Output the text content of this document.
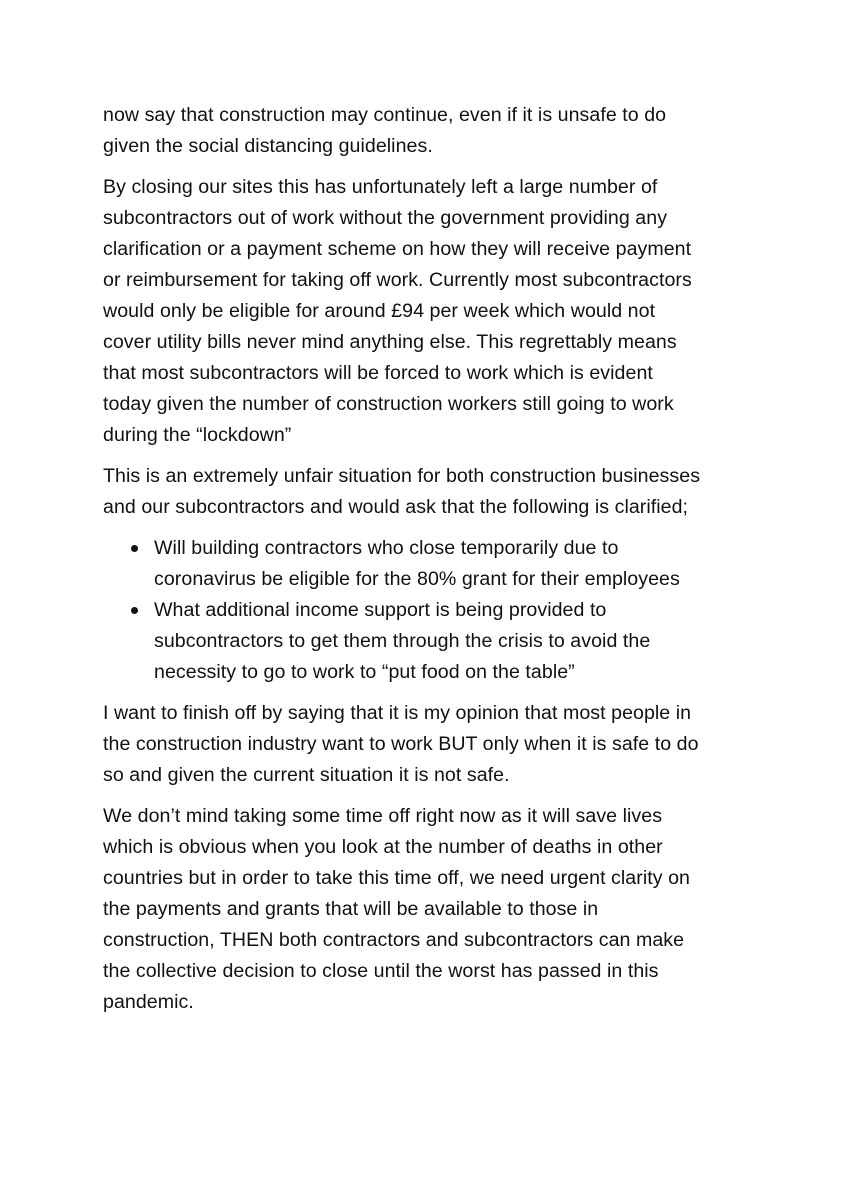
now say that construction may continue, even if it is unsafe to do
given the social distancing guidelines.

By closing our sites this has unfortunately left a large number of
subcontractors out of work without the government providing any
clarification or a payment scheme on how they will receive payment
or reimbursement for taking off work. Currently most subcontractors
would only be eligible for around £94 per week which would not
cover utility bills never mind anything else. This regrettably means
that most subcontractors will be forced to work which is evident
today given the number of construction workers still going to work
during the “lockdown”

This is an extremely unfair situation for both construction businesses
and our subcontractors and would ask that the following is clarified;

Will building contractors who close temporarily due to
coronavirus be eligible for the 80% grant for their employees
What additional income support is being provided to
subcontractors to get them through the crisis to avoid the
necessity to go to work to “put food on the table”

I want to finish off by saying that it is my opinion that most people in
the construction industry want to work BUT only when it is safe to do
so and given the current situation it is not safe.

We don’t mind taking some time off right now as it will save lives
which is obvious when you look at the number of deaths in other
countries but in order to take this time off, we need urgent clarity on
the payments and grants that will be available to those in
construction, THEN both contractors and subcontractors can make
the collective decision to close until the worst has passed in this
pandemic.
